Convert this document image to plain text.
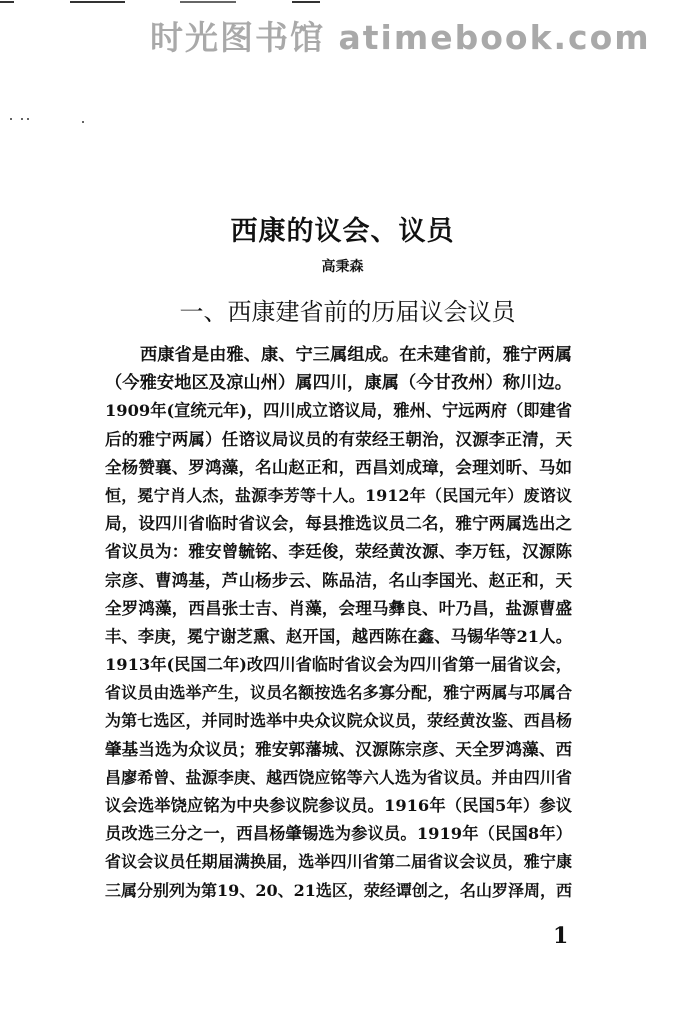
时光图书馆 atimebook.com
西康的议会、议员
高秉森
一、西康建省前的历届议会议员
西康省是由雅、康、宁三属组成。在未建省前，雅宁两属
（今雅安地区及凉山州）属四川，康属（今甘孜州）称川边。
1909年(宣统元年)，四川成立谘议局，雅州、宁远两府（即建省
后的雅宁两属）任谘议局议员的有荥经王朝治，汉源李正清，天
全杨赞襄、罗鸿藻，名山赵正和，西昌刘成璋，会理刘昕、马如
恒，冕宁肖人杰，盐源李芳等十人。1912年（民国元年）废谘议
局，设四川省临时省议会，每县推选议员二名，雅宁两属选出之
省议员为：雅安曾毓铭、李廷俊，荥经黄汝源、李万钰，汉源陈
宗彦、曹鸿基，芦山杨步云、陈品洁，名山李国光、赵正和，天
全罗鸿藻，西昌张士吉、肖藻，会理马彝良、叶乃昌，盐源曹盛
丰、李庚，冕宁谢芝熏、赵开国，越西陈在鑫、马锡华等21人。
1913年(民国二年)改四川省临时省议会为四川省第一届省议会，
省议员由选举产生，议员名额按选名多寡分配，雅宁两属与邛属合
为第七选区，并同时选举中央众议院众议员，荥经黄汝鉴、西昌杨
肇基当选为众议员；雅安郭藩城、汉源陈宗彦、天全罗鸿藻、西
昌廖希曾、盐源李庚、越西饶应铭等六人选为省议员。并由四川省
议会选举饶应铭为中央参议院参议员。1916年（民国5年）参议
员改选三分之一，西昌杨肇锡选为参议员。1919年（民国8年）
省议会议员任期届满换届，选举四川省第二届省议会议员，雅宁康
三属分别列为第19、20、21选区，荥经谭创之，名山罗泽周，西
1
